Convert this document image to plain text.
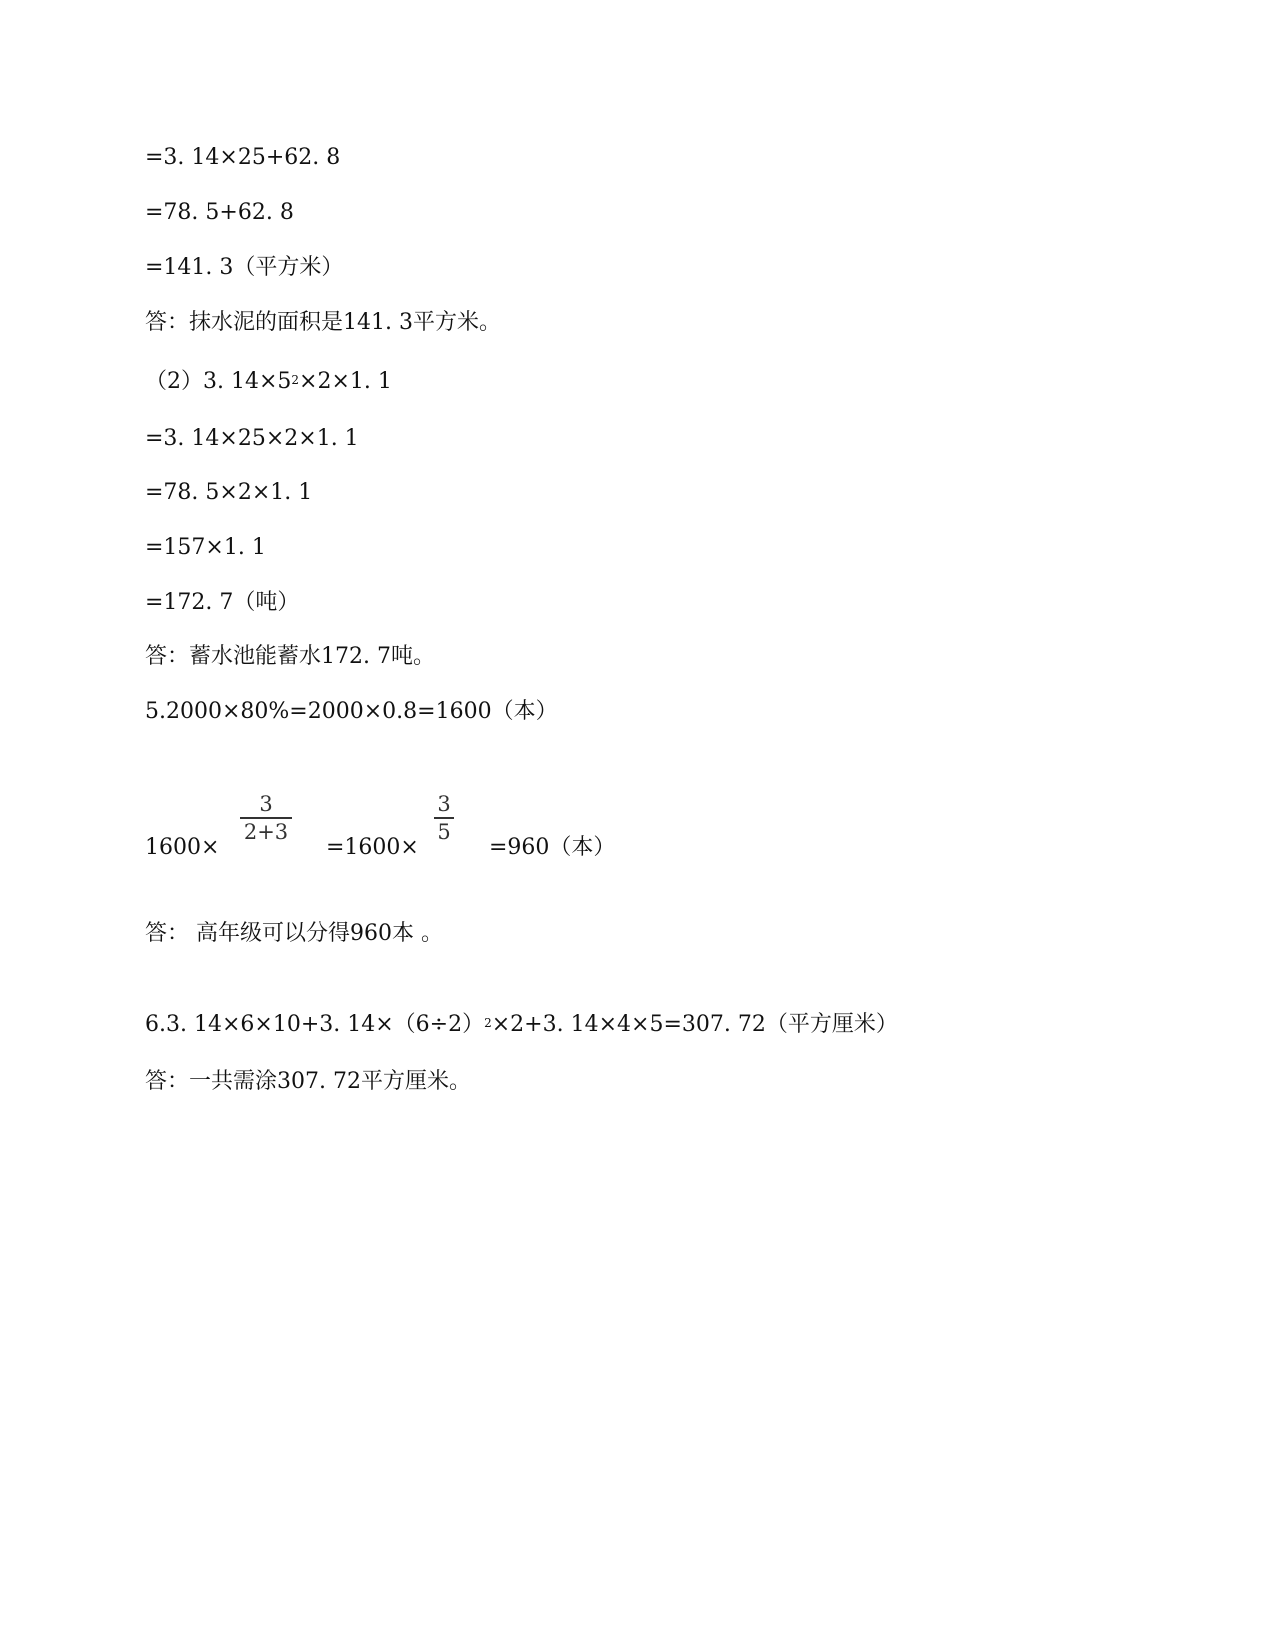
=3. 14×25+62. 8
=78. 5+62. 8
=141. 3（平方米）
答：抹水泥的面积是141. 3平方米。
（2）3. $14\times 5^2\times 2\times 1$. 1
=3. 14×25×2×1. 1
=78. 5×2×1. 1
=157×1. 1
=172. 7（吨）
答：蓄水池能蓄水172. 7吨。
5.2000×80%=2000×0.8=1600（本）
1600×
3
2+3
=1600×
3
5
=960（本）
答： 高年级可以分得960本 。
6.3. 14×6×10+3. $14\times(6\div 2)^2\times 2+3$. 14×4×5=307. 72（平方厘米）
答：一共需涂307. 72平方厘米。
